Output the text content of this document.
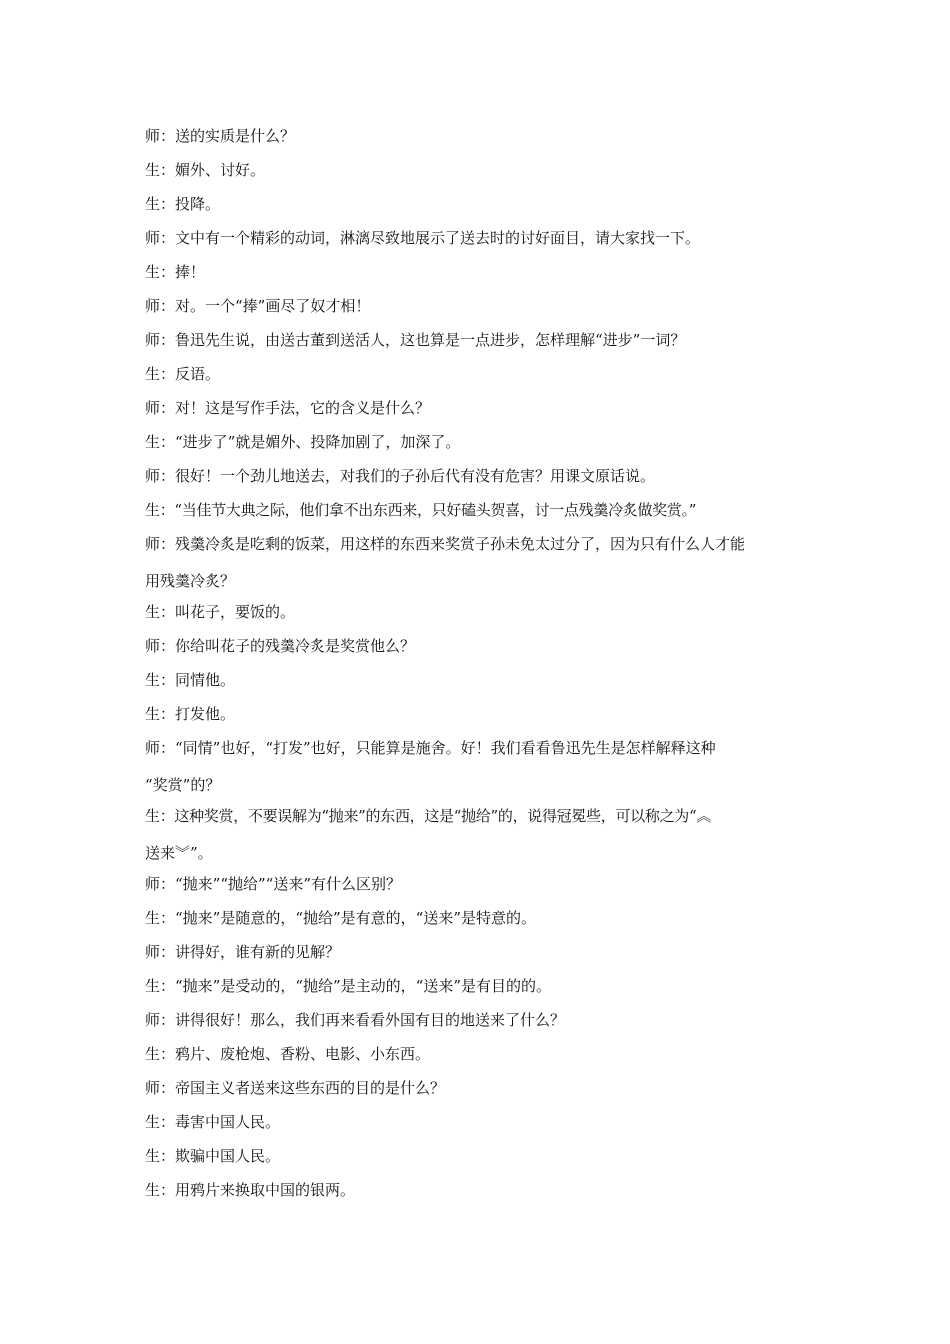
师：送的实质是什么？
生：媚外、讨好。
生：投降。
师：文中有一个精彩的动词，淋漓尽致地展示了送去时的讨好面目，请大家找一下。
生：捧！
师：对。一个“捧”画尽了奴才相！
师：鲁迅先生说，由送古董到送活人，这也算是一点进步，怎样理解“进步”一词？
生：反语。
师：对！这是写作手法，它的含义是什么？
生：“进步了”就是媚外、投降加剧了，加深了。
师：很好！一个劲儿地送去，对我们的子孙后代有没有危害？用课文原话说。
生：“当佳节大典之际，他们拿不出东西来，只好磕头贺喜，讨一点残羹冷炙做奖赏。”
师：残羹冷炙是吃剩的饭菜，用这样的东西来奖赏子孙未免太过分了，因为只有什么人才能
用残羹冷炙？
生：叫花子，要饭的。
师：你给叫花子的残羹冷炙是奖赏他么？
生：同情他。
生：打发他。
师：“同情”也好，“打发”也好，只能算是施舍。好！我们看看鲁迅先生是怎样解释这种
“奖赏”的？
生：这种奖赏，不要误解为“抛来”的东西，这是“抛给”的，说得冠冕些，可以称之为“︽
送来︾”。
师：“抛来”“抛给”“送来”有什么区别？
生：“抛来”是随意的，“抛给”是有意的，“送来”是特意的。
师：讲得好，谁有新的见解？
生：“抛来”是受动的，“抛给”是主动的，“送来”是有目的的。
师：讲得很好！那么，我们再来看看外国有目的地送来了什么？
生：鸦片、废枪炮、香粉、电影、小东西。
师：帝国主义者送来这些东西的目的是什么？
生：毒害中国人民。
生：欺骗中国人民。
生：用鸦片来换取中国的银两。
